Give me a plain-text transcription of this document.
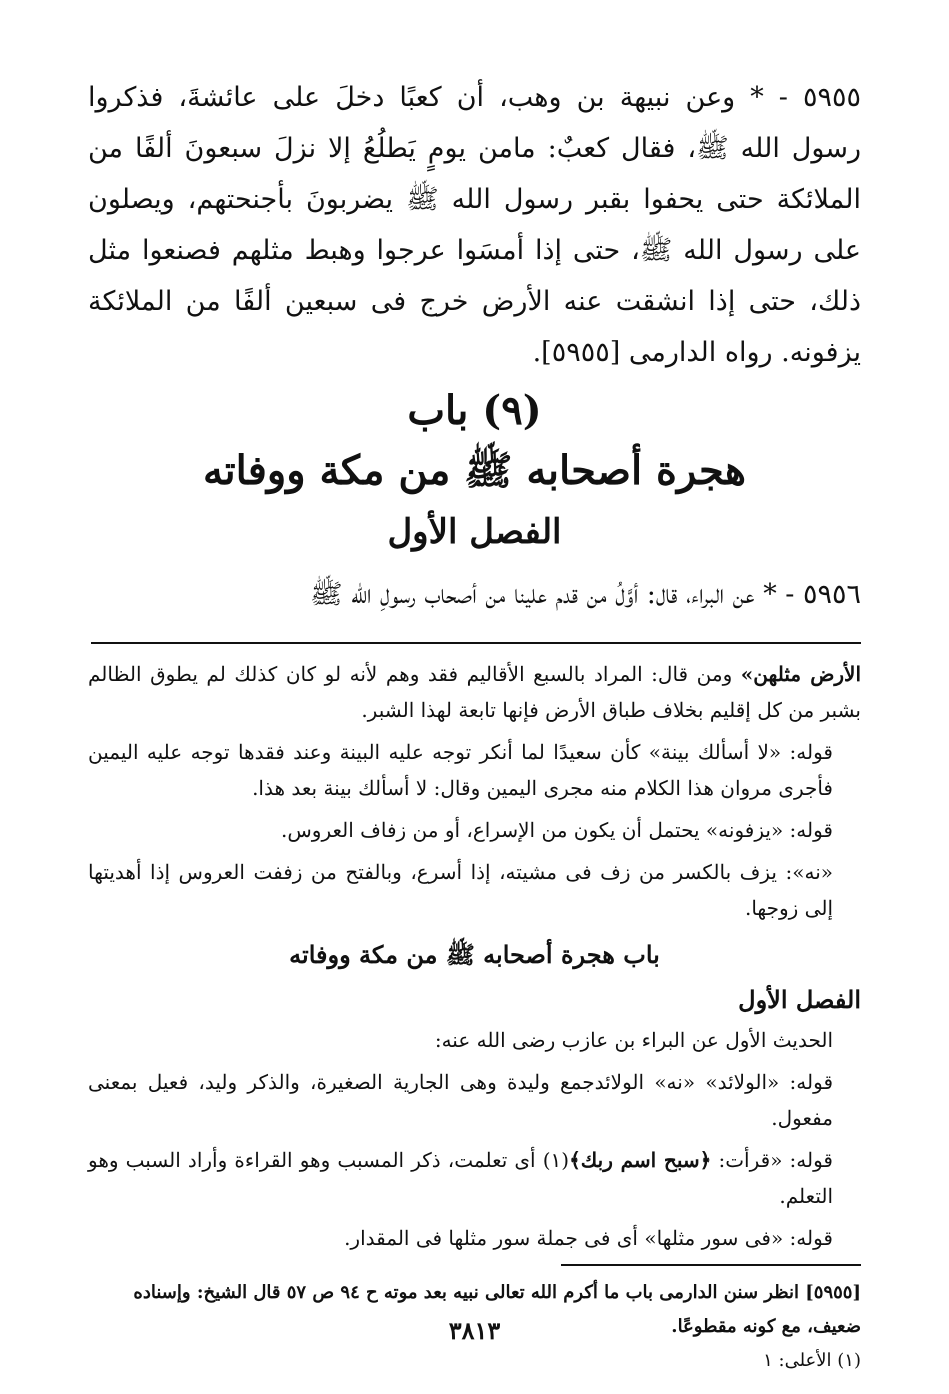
٥٩٥٥ - * وعن نبيهة بن وهب، أن كعبًا دخلَ على عائشةَ، فذكروا رسول الله ﷺ، فقال كعبٌ: مامن يومٍ يَطلُعُ إلا نزلَ سبعونَ ألفًا من الملائكة حتى يحفوا بقبر رسول الله ﷺ يضربونَ بأجنحتهم، ويصلون على رسول الله ﷺ، حتى إذا أمسَوا عرجوا وهبط مثلهم فصنعوا مثل ذلك، حتى إذا انشقت عنه الأرض خرج فى سبعين ألفًا من الملائكة يزفونه. رواه الدارمى [٥٩٥٥].

(٩) باب
هجرة أصحابه ﷺ من مكة ووفاته
الفصل الأول

٥٩٥٦ - * عن البراء، قال: أوَّلُ من قدم علينا من أصحاب رسولِ الله ﷺ

الأرض مثلهن» ومن قال: المراد بالسبع الأقاليم فقد وهم لأنه لو كان كذلك لم يطوق الظالم بشبر من كل إقليم بخلاف طباق الأرض فإنها تابعة لهذا الشبر.

قوله: «لا أسألك بينة» كأن سعيدًا لما أنكر توجه عليه البينة وعند فقدها توجه عليه اليمين فأجرى مروان هذا الكلام منه مجرى اليمين وقال: لا أسألك بينة بعد هذا.

قوله: «يزفونه» يحتمل أن يكون من الإسراع، أو من زفاف العروس.

«نه»: يزف بالكسر من زف فى مشيته، إذا أسرع، وبالفتح من زففت العروس إذا أهديتها إلى زوجها.

باب هجرة أصحابه ﷺ من مكة ووفاته
الفصل الأول

الحديث الأول عن البراء بن عازب رضى الله عنه:

قوله: «الولائد» «نه» الولائدجمع وليدة وهى الجارية الصغيرة، والذكر وليد، فعيل بمعنى مفعول.

قوله: «قرأت: ﴿سبح اسم ربك﴾(١) أى تعلمت، ذكر المسبب وهو القراءة وأراد السبب وهو التعلم.

قوله: «فى سور مثلها» أى فى جملة سور مثلها فى المقدار.

[٥٩٥٥] انظر سنن الدارمى باب ما أكرم الله تعالى نبيه بعد موته ح ٩٤ ص ٥٧ قال الشيخ: وإسناده ضعيف، مع كونه مقطوعًا.

(١) الأعلى: ١

٣٨١٣
